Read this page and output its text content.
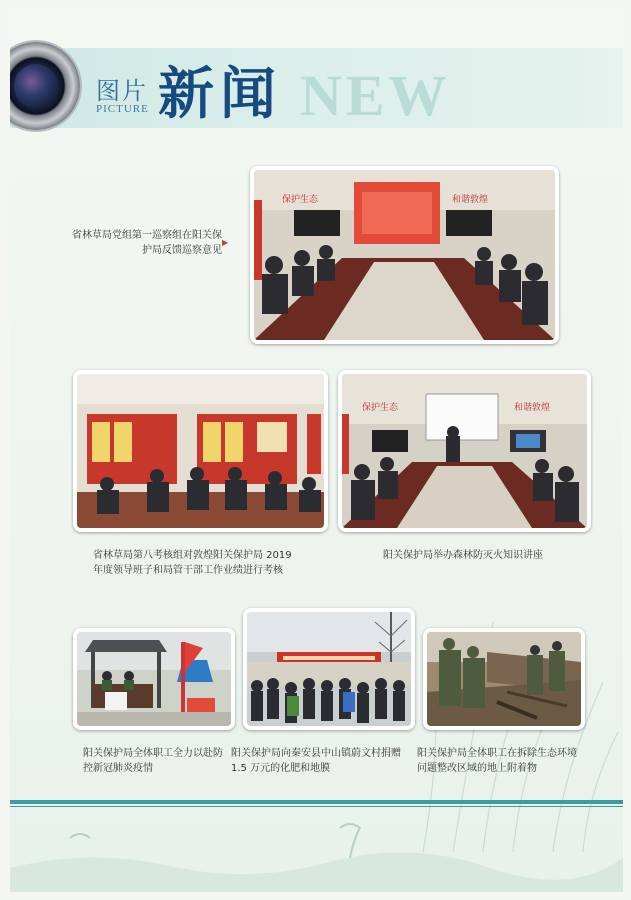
NEW
图片
PICTURE 新闻
保护生态	和谐敦煌
省林草局党组第一巡察组在阳关保护局反馈巡察意见
▶
省林草局第八考核组对敦煌阳关保护局 2019 年度领导班子和局管干部工作业绩进行考核
保护生态	和谐敦煌
阳关保护局举办森林防灭火知识讲座
阳关保护局全体职工全力以赴防控新冠肺炎疫情
阳关保护局向秦安县中山镇蔚文村捐赠 1.5 万元的化肥和地膜
阳关保护局全体职工在拆除生态环境问题整改区域的地上附着物
